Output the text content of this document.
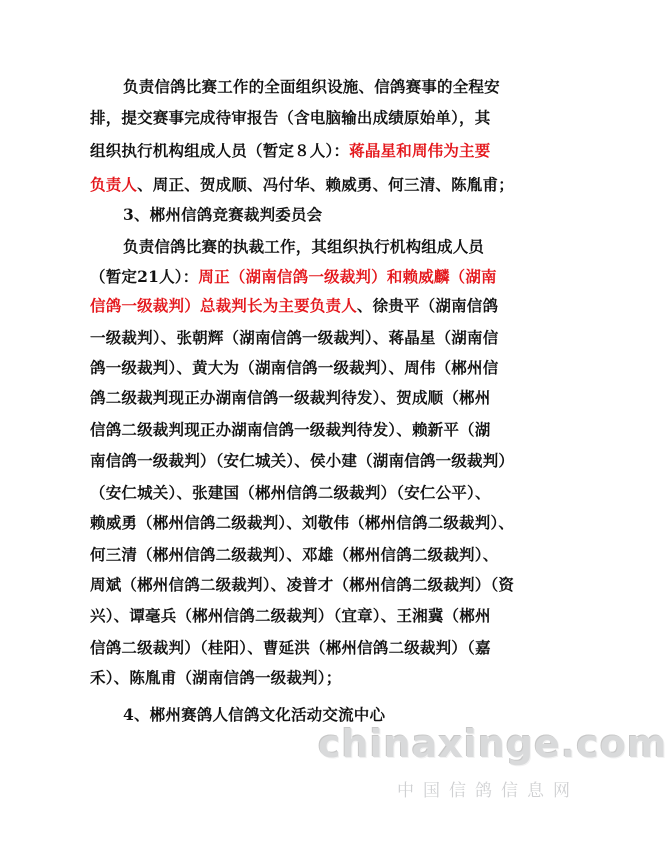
负责信鸽比赛工作的全面组织设施、信鸽赛事的全程安
排，提交赛事完成待审报告（含电脑输出成绩原始单），其
组织执行机构组成人员（暂定８人）：蒋晶星和周伟为主要
负责人、周正、贺成顺、冯付华、赖威勇、何三清、陈胤甫；
3、郴州信鸽竞赛裁判委员会
负责信鸽比赛的执裁工作，其组织执行机构组成人员
（暂定21人）：周正（湖南信鸽一级裁判）和赖威麟（湖南
信鸽一级裁判）总裁判长为主要负责人、徐贵平（湖南信鸽
一级裁判）、张朝辉（湖南信鸽一级裁判）、蒋晶星（湖南信
鸽一级裁判）、黄大为（湖南信鸽一级裁判）、周伟（郴州信
鸽二级裁判现正办湖南信鸽一级裁判待发）、贺成顺（郴州
信鸽二级裁判现正办湖南信鸽一级裁判待发）、赖新平（湖
南信鸽一级裁判）（安仁城关）、侯小建（湖南信鸽一级裁判）
（安仁城关）、张建国（郴州信鸽二级裁判）（安仁公平）、
赖威勇（郴州信鸽二级裁判）、刘敬伟（郴州信鸽二级裁判）、
何三清（郴州信鸽二级裁判）、邓雄（郴州信鸽二级裁判）、
周斌（郴州信鸽二级裁判）、凌普才（郴州信鸽二级裁判）（资
兴）、谭毫兵（郴州信鸽二级裁判）（宜章）、王湘冀（郴州
信鸽二级裁判）（桂阳）、曹延洪（郴州信鸽二级裁判）（嘉
禾）、陈胤甫（湖南信鸽一级裁判）；
4、郴州赛鸽人信鸽文化活动交流中心
chinaxinge.com
中国信鸽信息网
